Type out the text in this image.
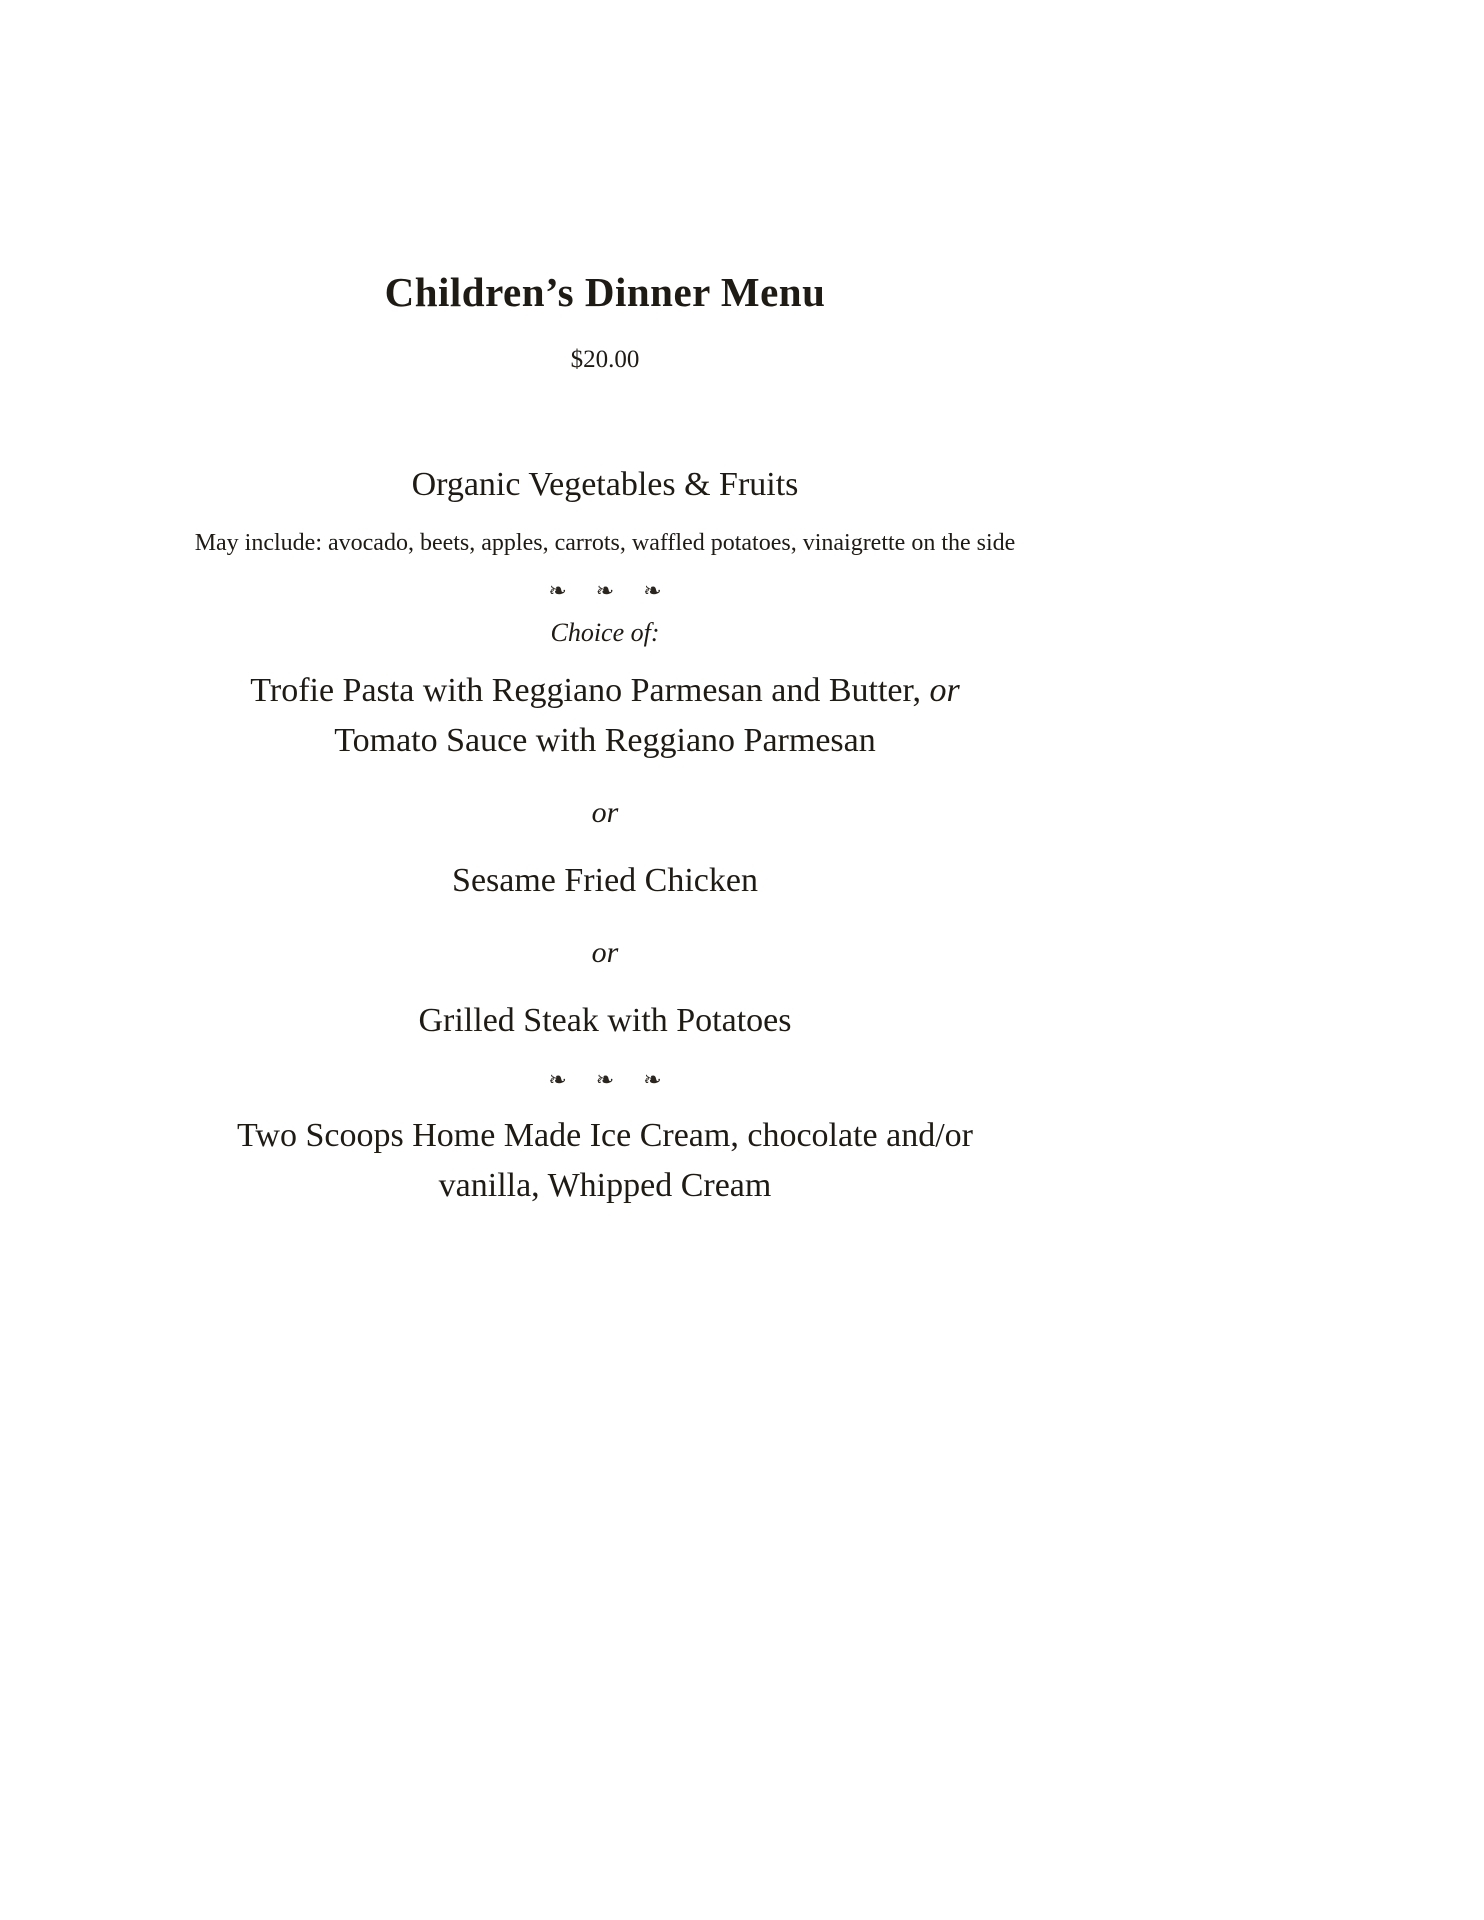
Children’s Dinner Menu

$20.00

Organic Vegetables & Fruits

May include: avocado, beets, apples, carrots, waffled potatoes, vinaigrette on the side

❧ ❧ ❧

Choice of:

Trofie Pasta with Reggiano Parmesan and Butter, or
Tomato Sauce with Reggiano Parmesan

or

Sesame Fried Chicken

or

Grilled Steak with Potatoes

❧ ❧ ❧

Two Scoops Home Made Ice Cream, chocolate and/or
vanilla, Whipped Cream
